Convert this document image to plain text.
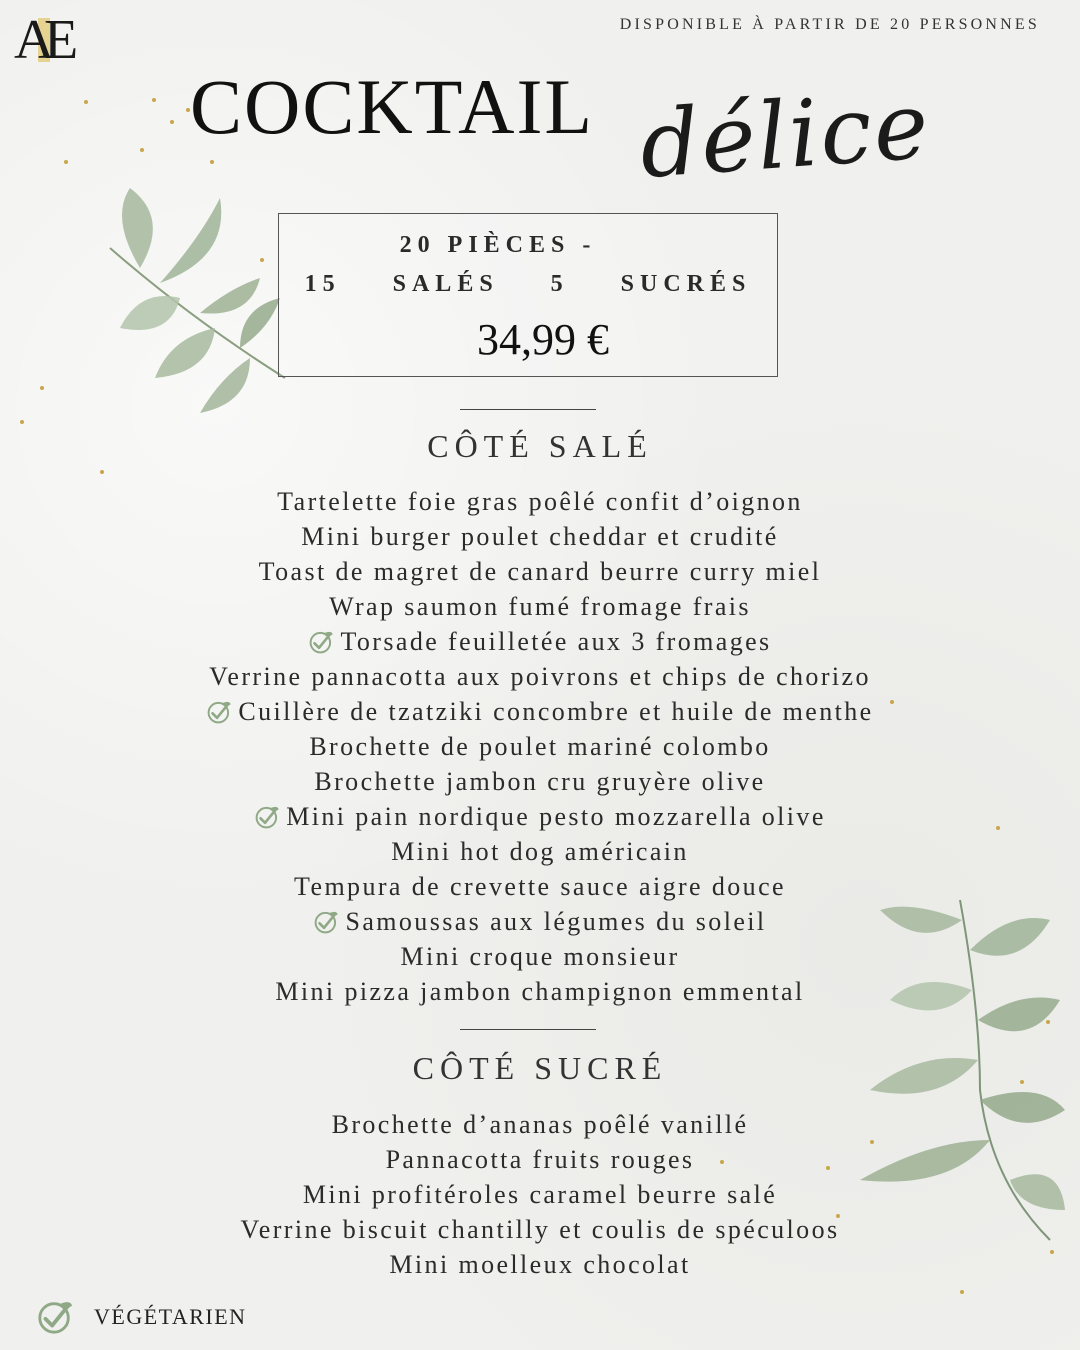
A E	DISPONIBLE À PARTIR DE 20 PERSONNES
COCKTAIL délice
20 PIÈCES -
15 SALÉS 5 SUCRÉS
34,99 €
CÔTÉ SALÉ
Tartelette foie gras poêlé confit d’oignon
Mini burger poulet cheddar et crudité
Toast de magret de canard beurre curry miel
Wrap saumon fumé fromage frais
Torsade feuilletée aux 3 fromages
Verrine pannacotta aux poivrons et chips de chorizo
Cuillère de tzatziki concombre et huile de menthe
Brochette de poulet mariné colombo
Brochette jambon cru gruyère olive
Mini pain nordique pesto mozzarella olive
Mini hot dog américain
Tempura de crevette sauce aigre douce
Samoussas aux légumes du soleil
Mini croque monsieur
Mini pizza jambon champignon emmental
CÔTÉ SUCRÉ
Brochette d’ananas poêlé vanillé
Pannacotta fruits rouges
Mini profitéroles caramel beurre salé
Verrine biscuit chantilly et coulis de spéculoos
Mini moelleux chocolat
VÉGÉTARIEN
